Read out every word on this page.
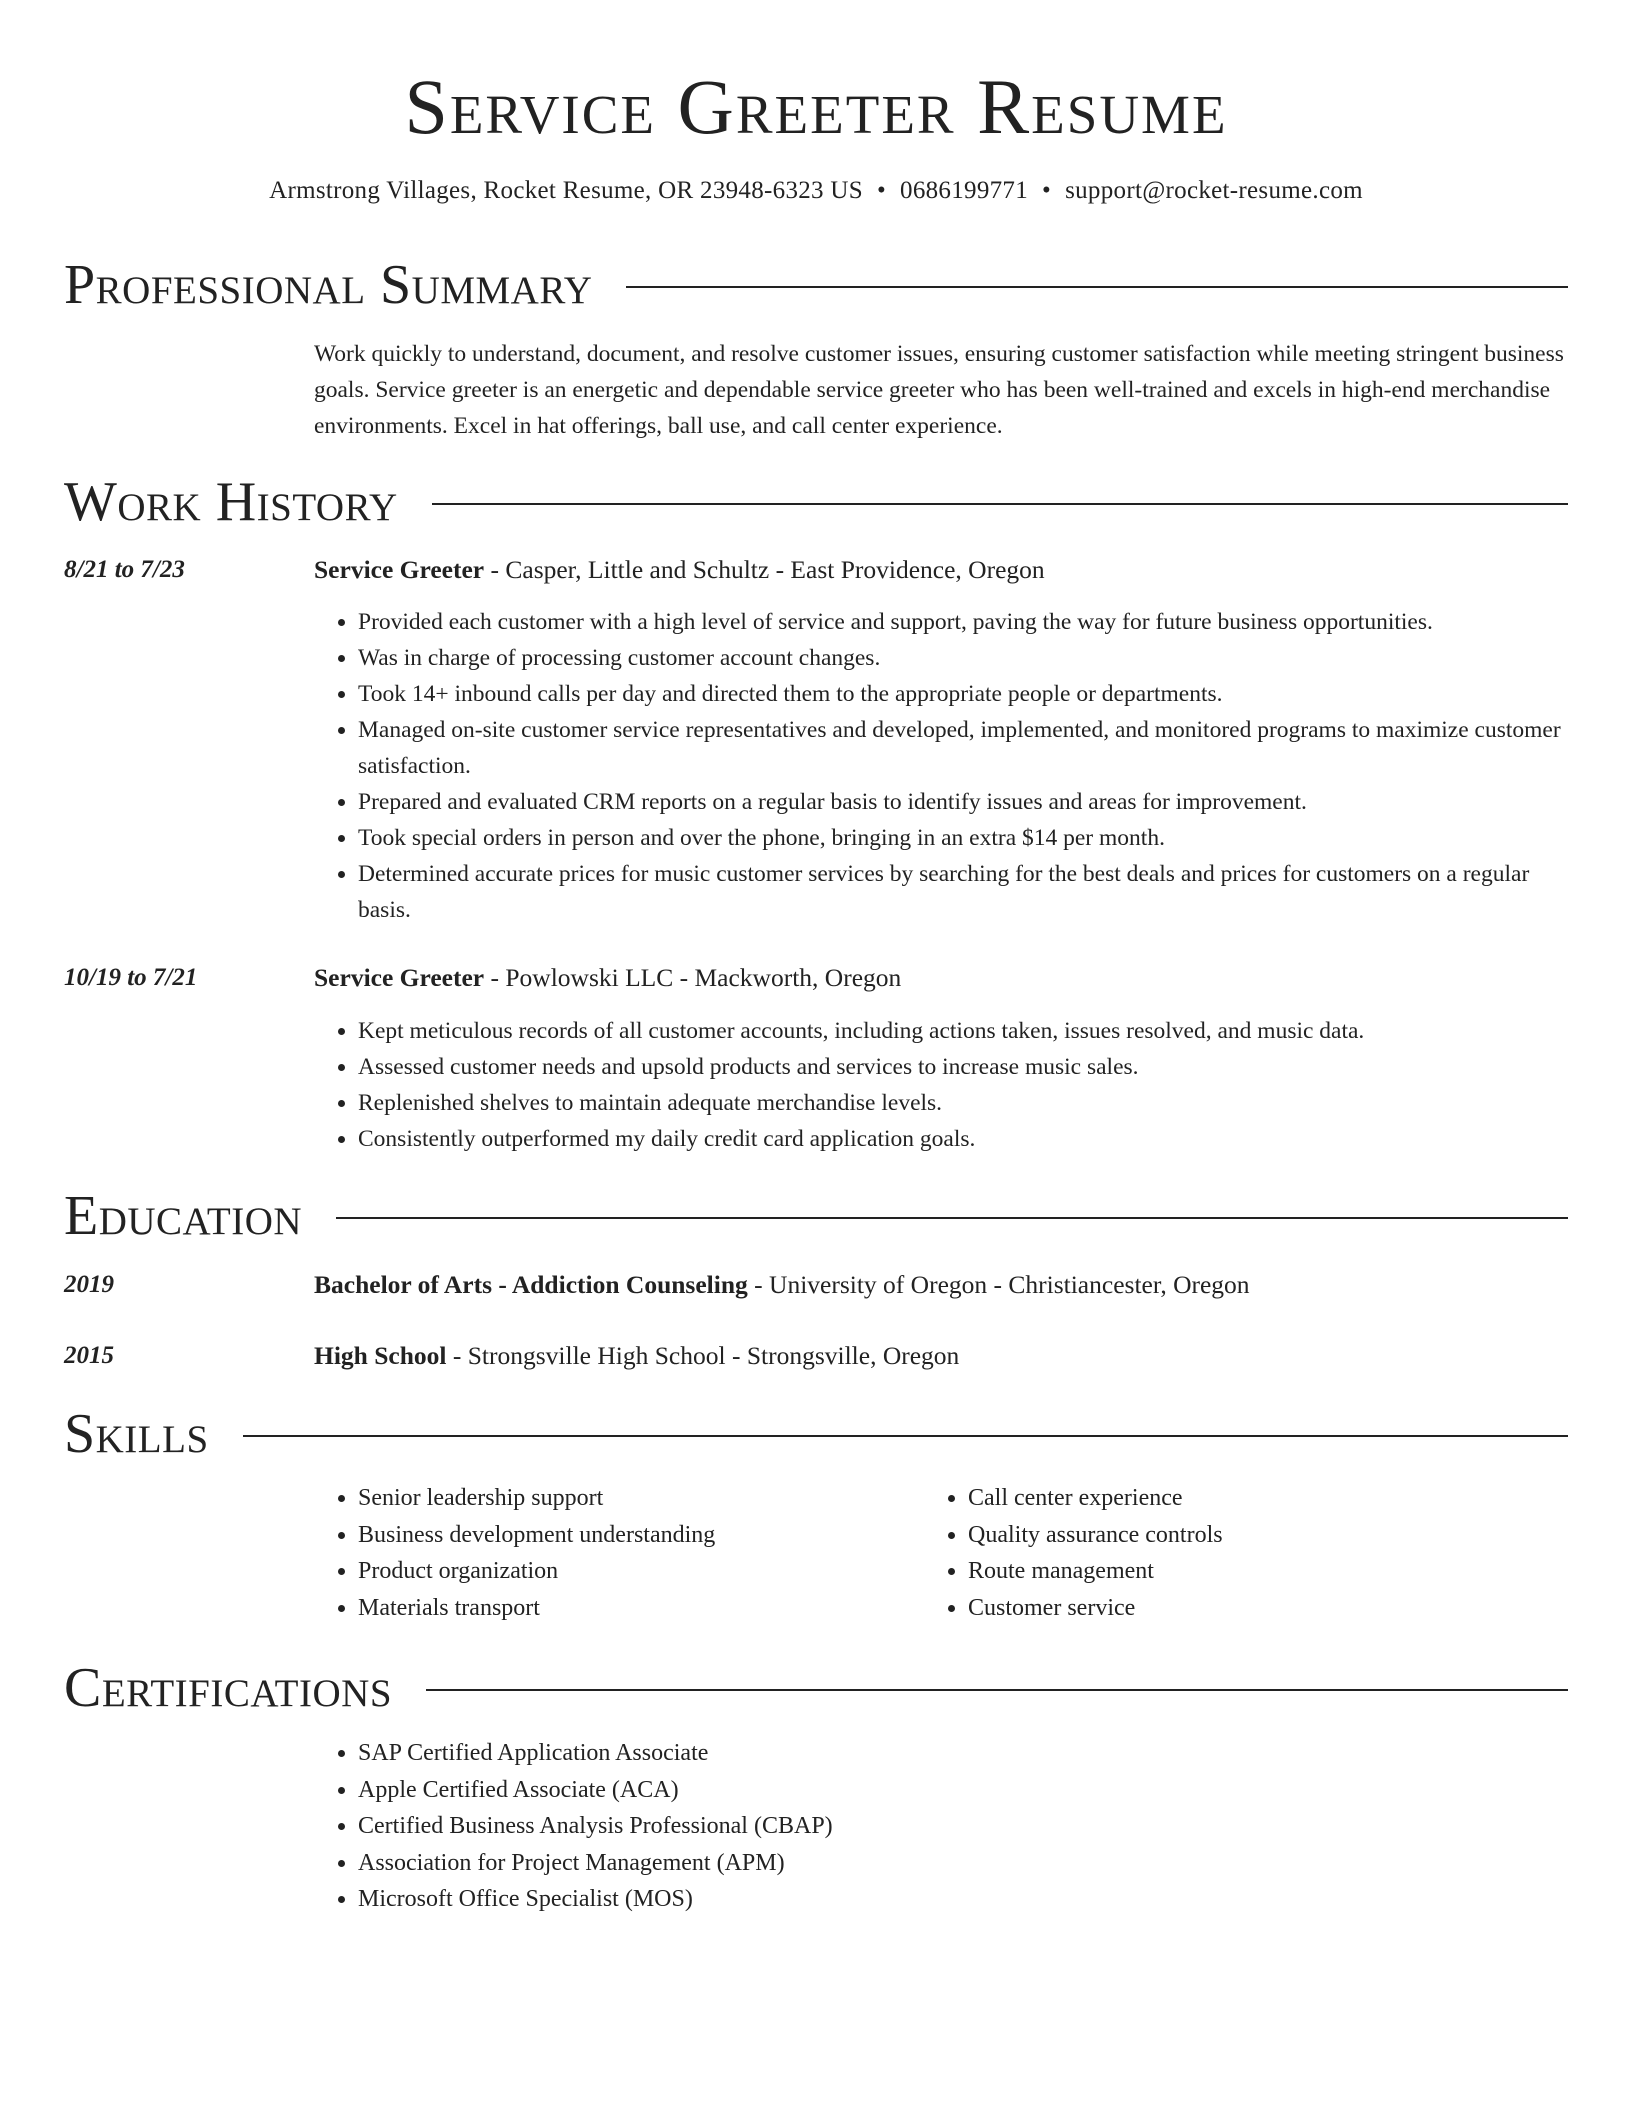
Service Greeter Resume
Armstrong Villages, Rocket Resume, OR 23948-6323 US • 0686199771 • support@rocket-resume.com
Professional Summary
Work quickly to understand, document, and resolve customer issues, ensuring customer satisfaction while meeting stringent business goals. Service greeter is an energetic and dependable service greeter who has been well-trained and excels in high-end merchandise environments. Excel in hat offerings, ball use, and call center experience.
Work History
8/21 to 7/23	Service Greeter - Casper, Little and Schultz - East Providence, Oregon
• Provided each customer with a high level of service and support, paving the way for future business opportunities.
• Was in charge of processing customer account changes.
• Took 14+ inbound calls per day and directed them to the appropriate people or departments.
• Managed on-site customer service representatives and developed, implemented, and monitored programs to maximize customer satisfaction.
• Prepared and evaluated CRM reports on a regular basis to identify issues and areas for improvement.
• Took special orders in person and over the phone, bringing in an extra $14 per month.
• Determined accurate prices for music customer services by searching for the best deals and prices for customers on a regular basis.
10/19 to 7/21	Service Greeter - Powlowski LLC - Mackworth, Oregon
• Kept meticulous records of all customer accounts, including actions taken, issues resolved, and music data.
• Assessed customer needs and upsold products and services to increase music sales.
• Replenished shelves to maintain adequate merchandise levels.
• Consistently outperformed my daily credit card application goals.
Education
2019	Bachelor of Arts - Addiction Counseling - University of Oregon - Christiancester, Oregon
2015	High School - Strongsville High School - Strongsville, Oregon
Skills
• Senior leadership support
• Business development understanding
• Product organization
• Materials transport
• Call center experience
• Quality assurance controls
• Route management
• Customer service
Certifications
• SAP Certified Application Associate
• Apple Certified Associate (ACA)
• Certified Business Analysis Professional (CBAP)
• Association for Project Management (APM)
• Microsoft Office Specialist (MOS)
